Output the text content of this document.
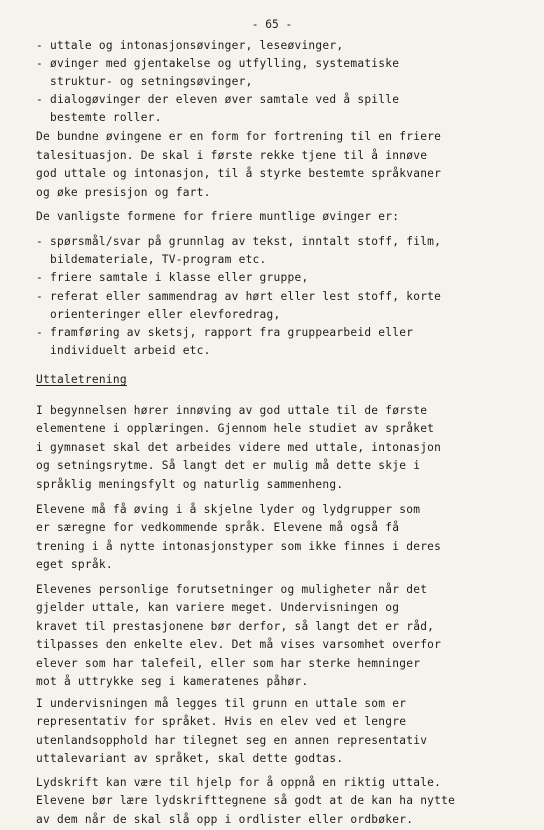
- 65 -
- uttale og intonasjonsøvinger, leseøvinger,
- øvinger med gjentakelse og utfylling, systematiske
struktur- og setningsøvinger,
- dialogøvinger der eleven øver samtale ved å spille
bestemte roller.
De bundne øvingene er en form for fortrening til en friere
talesituasjon. De skal i første rekke tjene til å innøve
god uttale og intonasjon, til å styrke bestemte språkvaner
og øke presisjon og fart.
De vanligste formene for friere muntlige øvinger er:
- spørsmål/svar på grunnlag av tekst, inntalt stoff, film,
bildemateriale, TV-program etc.
- friere samtale i klasse eller gruppe,
- referat eller sammendrag av hørt eller lest stoff, korte
orienteringer eller elevforedrag,
- framføring av sketsj, rapport fra gruppearbeid eller
individuelt arbeid etc.
I begynnelsen hører innøving av god uttale til de første
elementene i opplæringen. Gjennom hele studiet av språket
i gymnaset skal det arbeides videre med uttale, intonasjon
og setningsrytme. Så langt det er mulig må dette skje i
språklig meningsfylt og naturlig sammenheng.
Elevene må få øving i å skjelne lyder og lydgrupper som
er særegne for vedkommende språk. Elevene må også få
trening i å nytte intonasjonstyper som ikke finnes i deres
eget språk.
Elevenes personlige forutsetninger og muligheter når det
gjelder uttale, kan variere meget. Undervisningen og
kravet til prestasjonene bør derfor, så langt det er råd,
tilpasses den enkelte elev. Det må vises varsomhet overfor
elever som har talefeil, eller som har sterke hemninger
mot å uttrykke seg i kameratenes påhør.
I undervisningen må legges til grunn en uttale som er
representativ for språket. Hvis en elev ved et lengre
utenlandsopphold har tilegnet seg en annen representativ
uttalevariant av språket, skal dette godtas.
Lydskrift kan være til hjelp for å oppnå en riktig uttale.
Elevene bør lære lydskrifttegnene så godt at de kan ha nytte
av dem når de skal slå opp i ordlister eller ordbøker.
Uttaletrening
